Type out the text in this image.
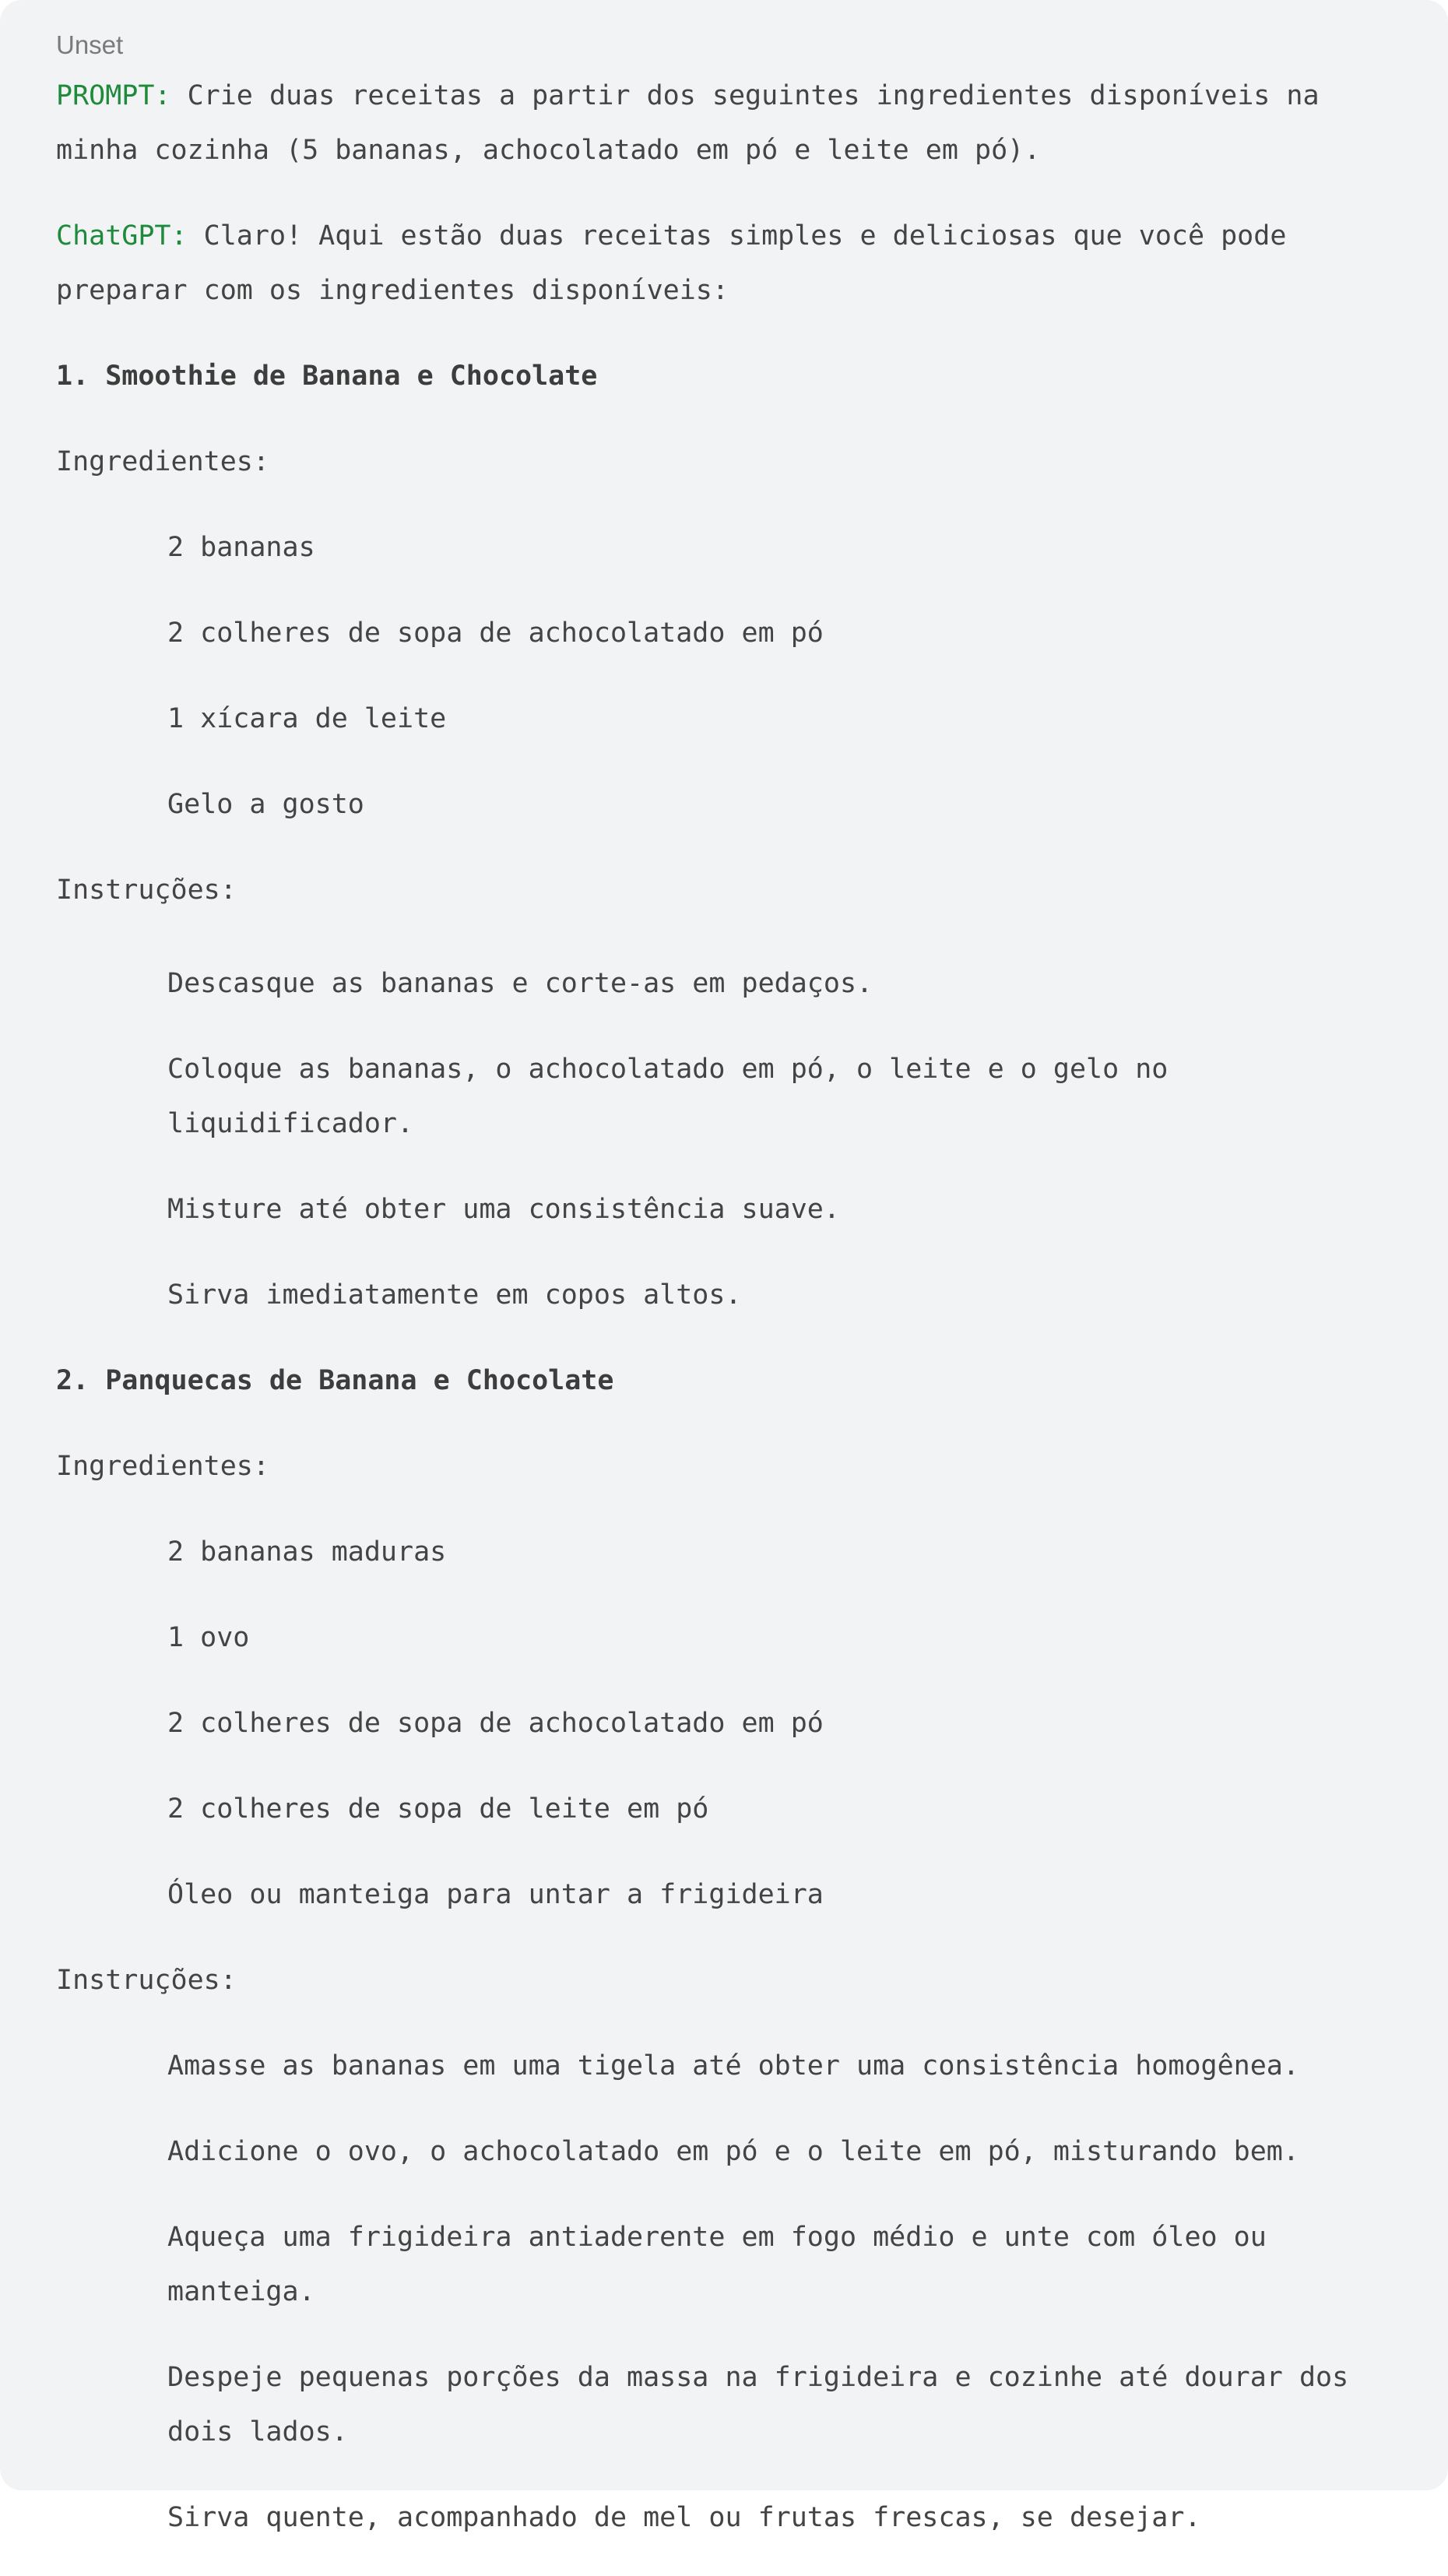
Unset
PROMPT: Crie duas receitas a partir dos seguintes ingredientes disponíveis na minha cozinha (5 bananas, achocolatado em pó e leite em pó).
ChatGPT: Claro! Aqui estão duas receitas simples e deliciosas que você pode preparar com os ingredientes disponíveis:
1. Smoothie de Banana e Chocolate
Ingredientes:
2 bananas
2 colheres de sopa de achocolatado em pó
1 xícara de leite
Gelo a gosto
Instruções:
Descasque as bananas e corte-as em pedaços.
Coloque as bananas, o achocolatado em pó, o leite e o gelo no liquidificador.
Misture até obter uma consistência suave.
Sirva imediatamente em copos altos.
2. Panquecas de Banana e Chocolate
Ingredientes:
2 bananas maduras
1 ovo
2 colheres de sopa de achocolatado em pó
2 colheres de sopa de leite em pó
Óleo ou manteiga para untar a frigideira
Instruções:
Amasse as bananas em uma tigela até obter uma consistência homogênea.
Adicione o ovo, o achocolatado em pó e o leite em pó, misturando bem.
Aqueça uma frigideira antiaderente em fogo médio e unte com óleo ou manteiga.
Despeje pequenas porções da massa na frigideira e cozinhe até dourar dos dois lados.
Sirva quente, acompanhado de mel ou frutas frescas, se desejar.
